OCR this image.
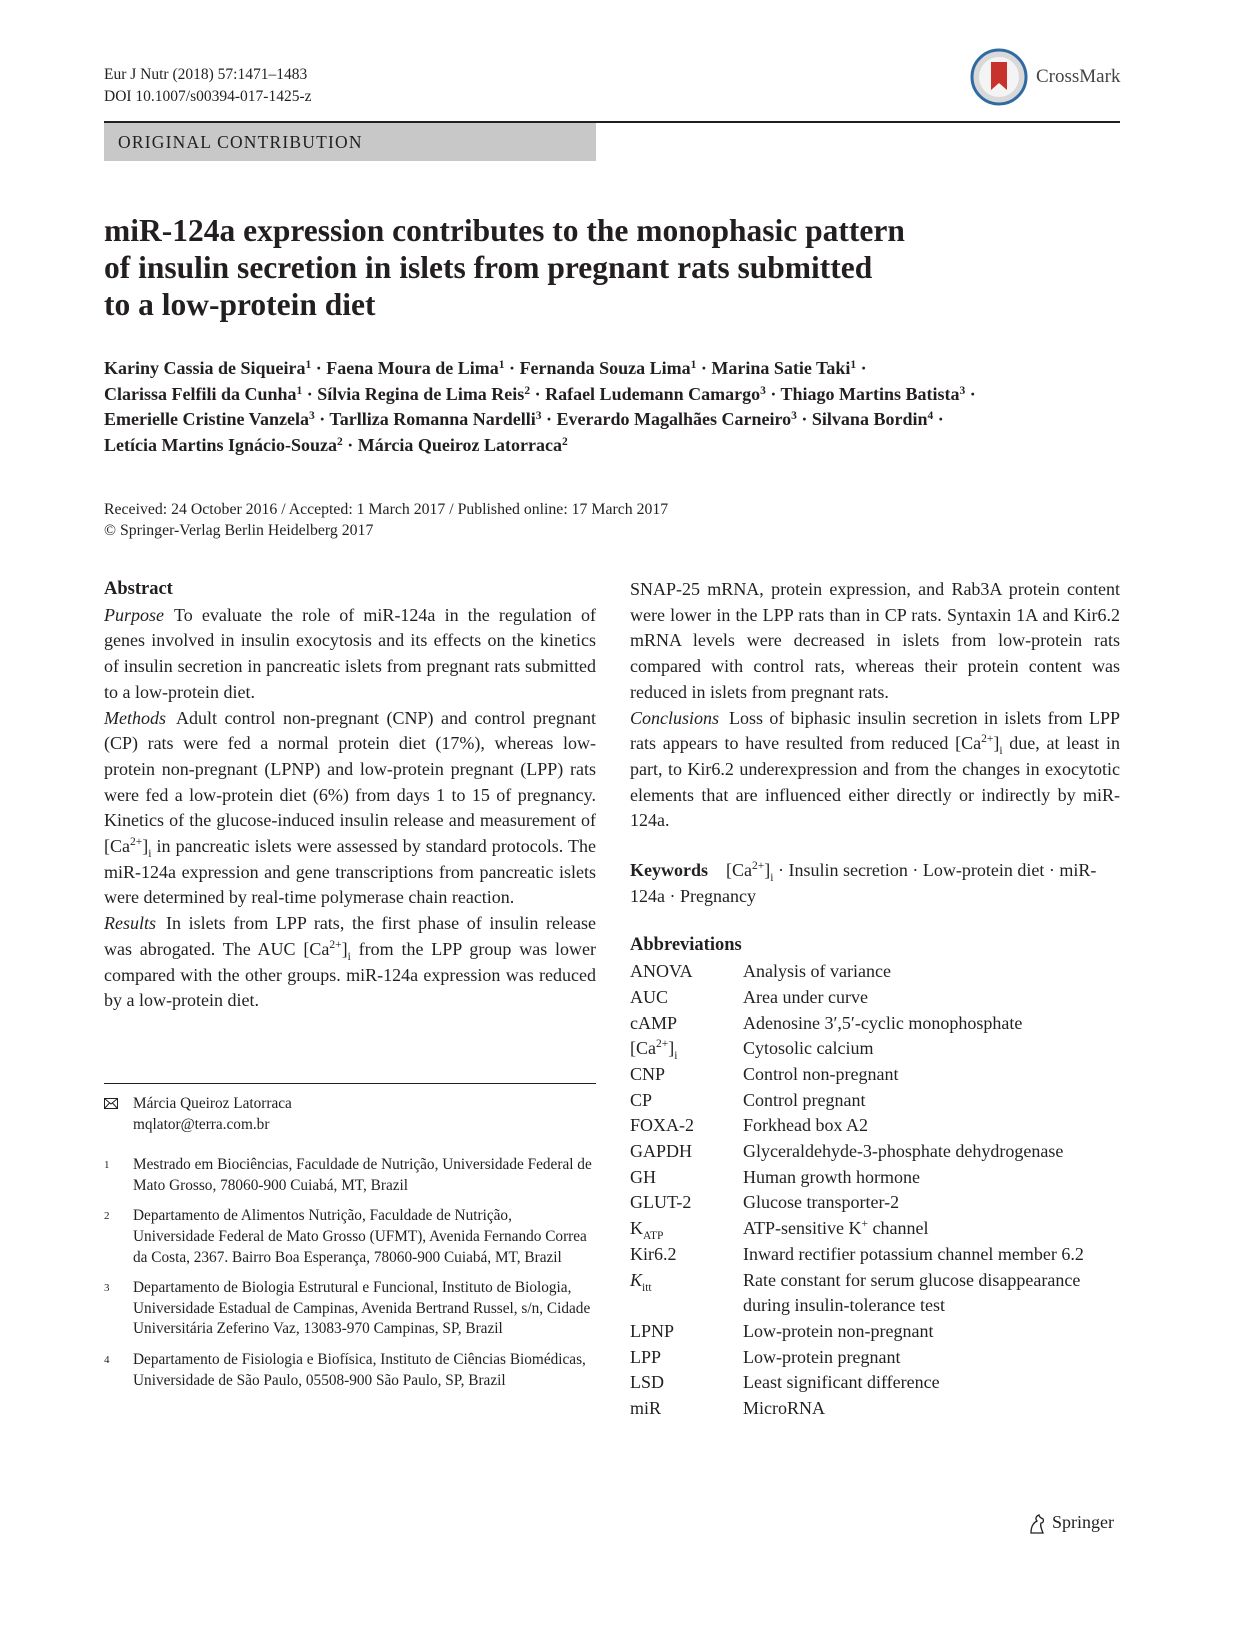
Eur J Nutr (2018) 57:1471–1483
DOI 10.1007/s00394-017-1425-z
CrossMark
ORIGINAL CONTRIBUTION
miR-124a expression contributes to the monophasic pattern
of insulin secretion in islets from pregnant rats submitted
to a low-protein diet
Kariny Cassia de Siqueira$^1$ · Faena Moura de Lima$^1$ · Fernanda Souza Lima$^1$ · Marina Satie Taki$^1$ ·
Clarissa Felfili da Cunha$^1$ · Sílvia Regina de Lima Reis$^2$ · Rafael Ludemann Camargo$^3$ · Thiago Martins Batista$^3$ ·
Emerielle Cristine Vanzela$^3$ · Tarlliza Romanna Nardelli$^3$ · Everardo Magalhães Carneiro$^3$ · Silvana Bordin$^4$ ·
Letícia Martins Ignácio-Souza$^2$ · Márcia Queiroz Latorraca$^2$
Received: 24 October 2016 / Accepted: 1 March 2017 / Published online: 17 March 2017
© Springer-Verlag Berlin Heidelberg 2017

Abstract

Purpose To evaluate the role of miR-124a in the regulation of genes involved in insulin exocytosis and its effects on the kinetics of insulin secretion in pancreatic islets from pregnant rats submitted to a low-protein diet.

Methods Adult control non-pregnant (CNP) and control pregnant (CP) rats were fed a normal protein diet (17%), whereas low-protein non-pregnant (LPNP) and low-protein pregnant (LPP) rats were fed a low-protein diet (6%) from days 1 to 15 of pregnancy. Kinetics of the glucose-induced insulin release and measurement of $[Ca^{2+}]_i$ in pancreatic islets were assessed by standard protocols. The miR-124a expression and gene transcriptions from pancreatic islets were determined by real-time polymerase chain reaction.

Results In islets from LPP rats, the first phase of insulin release was abrogated. The AUC $[Ca^{2+}]_i$ from the LPP group was lower compared with the other groups. miR-124a expression was reduced by a low-protein diet.

SNAP-25 mRNA, protein expression, and Rab3A protein content were lower in the LPP rats than in CP rats. Syntaxin 1A and Kir6.2 mRNA levels were decreased in islets from low-protein rats compared with control rats, whereas their protein content was reduced in islets from pregnant rats.

Conclusions Loss of biphasic insulin secretion in islets from LPP rats appears to have resulted from reduced $[Ca^{2+}]_i$ due, at least in part, to Kir6.2 underexpression and from the changes in exocytotic elements that are influenced either directly or indirectly by miR-124a.

Keywords $[Ca^{2+}]_i$ · Insulin secretion · Low-protein diet · miR-124a · Pregnancy
Abbreviations
ANOVA	Analysis of variance
AUC	Area under curve
cAMP	Adenosine 3′,5′-cyclic monophosphate
$[Ca^{2+}]_i$	Cytosolic calcium
CNP	Control non-pregnant
CP	Control pregnant
FOXA-2	Forkhead box A2
GAPDH	Glyceraldehyde-3-phosphate dehydrogenase
GH	Human growth hormone
GLUT-2	Glucose transporter-2
$K_{ATP}$	ATP-sensitive K+ channel
Kir6.2	Inward rectifier potassium channel member 6.2
$K_{itt}$	Rate constant for serum glucose disappearance during insulin-tolerance test
LPNP	Low-protein non-pregnant
LPP	Low-protein pregnant
LSD	Least significant difference
miR	MicroRNA
Márcia Queiroz Latorraca
mqlator@terra.com.br
1 Mestrado em Biociências, Faculdade de Nutrição, Universidade Federal de Mato Grosso, 78060-900 Cuiabá, MT, Brazil
2 Departamento de Alimentos Nutrição, Faculdade de Nutrição, Universidade Federal de Mato Grosso (UFMT), Avenida Fernando Correa da Costa, 2367. Bairro Boa Esperança, 78060-900 Cuiabá, MT, Brazil
3 Departamento de Biologia Estrutural e Funcional, Instituto de Biologia, Universidade Estadual de Campinas, Avenida Bertrand Russel, s/n, Cidade Universitária Zeferino Vaz, 13083-970 Campinas, SP, Brazil
4 Departamento de Fisiologia e Biofísica, Instituto de Ciências Biomédicas, Universidade de São Paulo, 05508-900 São Paulo, SP, Brazil
Springer
